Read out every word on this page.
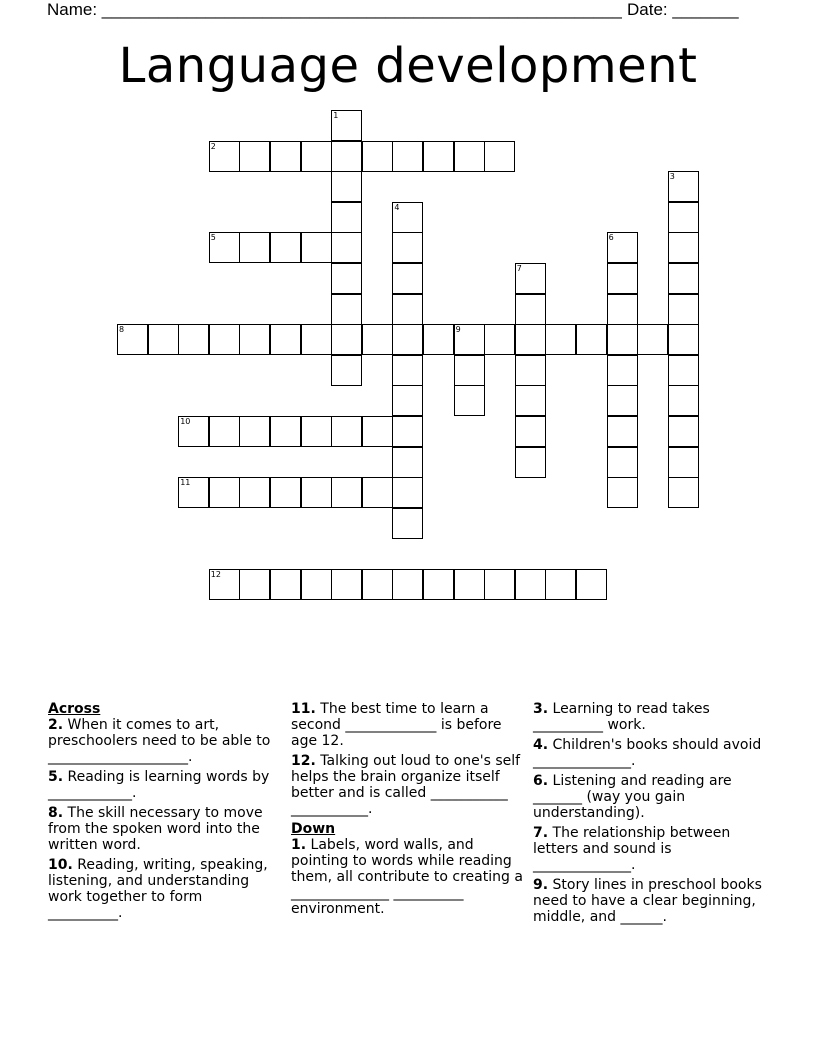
Name: _______________________________________________________ Date: _______
Language development
2
5
8	9
10
11
12
1
3
4
6
7

Across

2. When it comes to art, preschoolers need to be able to ____________________.

5. Reading is learning words by ____________.

8. The skill necessary to move from the spoken word into the written word.

10. Reading, writing, speaking, listening, and understanding work together to form __________.

11. The best time to learn a second _____________ is before age 12.

12. Talking out loud to one's self helps the brain organize itself better and is called ___________ ___________.

Down

1. Labels, word walls, and pointing to words while reading them, all contribute to creating a ______________ __________ environment.

3. Learning to read takes __________ work.

4. Children's books should avoid ______________.

6. Listening and reading are _______ (way you gain understanding).

7. The relationship between letters and sound is ______________.

9. Story lines in preschool books need to have a clear beginning, middle, and ______.
